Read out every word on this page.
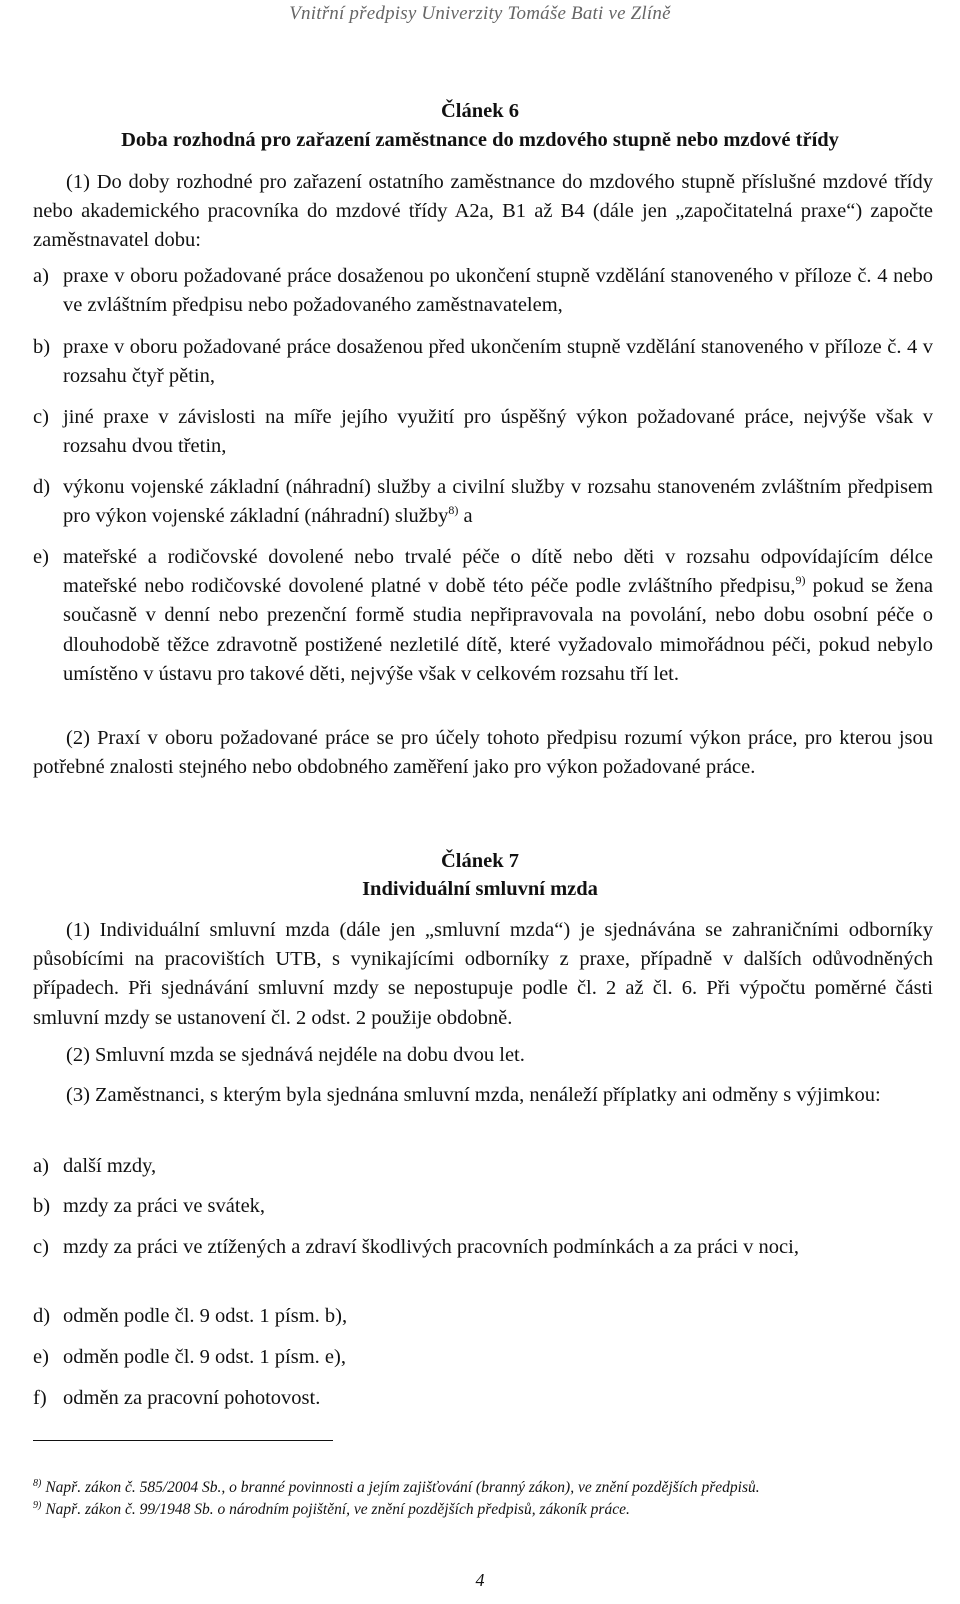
Vnitřní předpisy Univerzity Tomáše Bati ve Zlíně
Článek 6
Doba rozhodná pro zařazení zaměstnance do mzdového stupně nebo mzdové třídy
(1) Do doby rozhodné pro zařazení ostatního zaměstnance do mzdového stupně příslušné mzdové třídy nebo akademického pracovníka do mzdové třídy A2a, B1 až B4 (dále jen „započitatelná praxe“) započte zaměstnavatel dobu:
a) praxe v oboru požadované práce dosaženou po ukončení stupně vzdělání stanoveného v příloze č. 4 nebo ve zvláštním předpisu nebo požadovaného zaměstnavatelem,
b) praxe v oboru požadované práce dosaženou před ukončením stupně vzdělání stanoveného v příloze č. 4 v rozsahu čtyř pětin,
c) jiné praxe v závislosti na míře jejího využití pro úspěšný výkon požadované práce, nejvýše však v rozsahu dvou třetin,
d) výkonu vojenské základní (náhradní) služby a civilní služby v rozsahu stanoveném zvláštním předpisem pro výkon vojenské základní (náhradní) služby$^{8)}$ a
e) mateřské a rodičovské dovolené nebo trvalé péče o dítě nebo děti v rozsahu odpovídajícím délce mateřské nebo rodičovské dovolené platné v době této péče podle zvláštního předpisu,$^{9)}$ pokud se žena současně v denní nebo prezenční formě studia nepřipravovala na povolání, nebo dobu osobní péče o dlouhodobě těžce zdravotně postižené nezletilé dítě, které vyžadovalo mimořádnou péči, pokud nebylo umístěno v ústavu pro takové děti, nejvýše však v celkovém rozsahu tří let.
(2) Praxí v oboru požadované práce se pro účely tohoto předpisu rozumí výkon práce, pro kterou jsou potřebné znalosti stejného nebo obdobného zaměření jako pro výkon požadované práce.
Článek 7
Individuální smluvní mzda
(1) Individuální smluvní mzda (dále jen „smluvní mzda“) je sjednávána se zahraničními odborníky působícími na pracovištích UTB, s vynikajícími odborníky z praxe, případně v dalších odůvodněných případech. Při sjednávání smluvní mzdy se nepostupuje podle čl. 2 až čl. 6. Při výpočtu poměrné části smluvní mzdy se ustanovení čl. 2 odst. 2 použije obdobně.
(2) Smluvní mzda se sjednává nejdéle na dobu dvou let.
(3) Zaměstnanci, s kterým byla sjednána smluvní mzda, nenáleží příplatky ani odměny s výjimkou:
a) další mzdy,
b) mzdy za práci ve svátek,
c) mzdy za práci ve ztížených a zdraví škodlivých pracovních podmínkách a za práci v noci,
d) odměn podle čl. 9 odst. 1 písm. b),
e) odměn podle čl. 9 odst. 1 písm. e),
f) odměn za pracovní pohotovost.
$^{8)}$ Např. zákon č. 585/2004 Sb., o branné povinnosti a jejím zajišťování (branný zákon), ve znění pozdějších předpisů.
$^{9)}$ Např. zákon č. 99/1948 Sb. o národním pojištění, ve znění pozdějších předpisů, zákoník práce.
4
